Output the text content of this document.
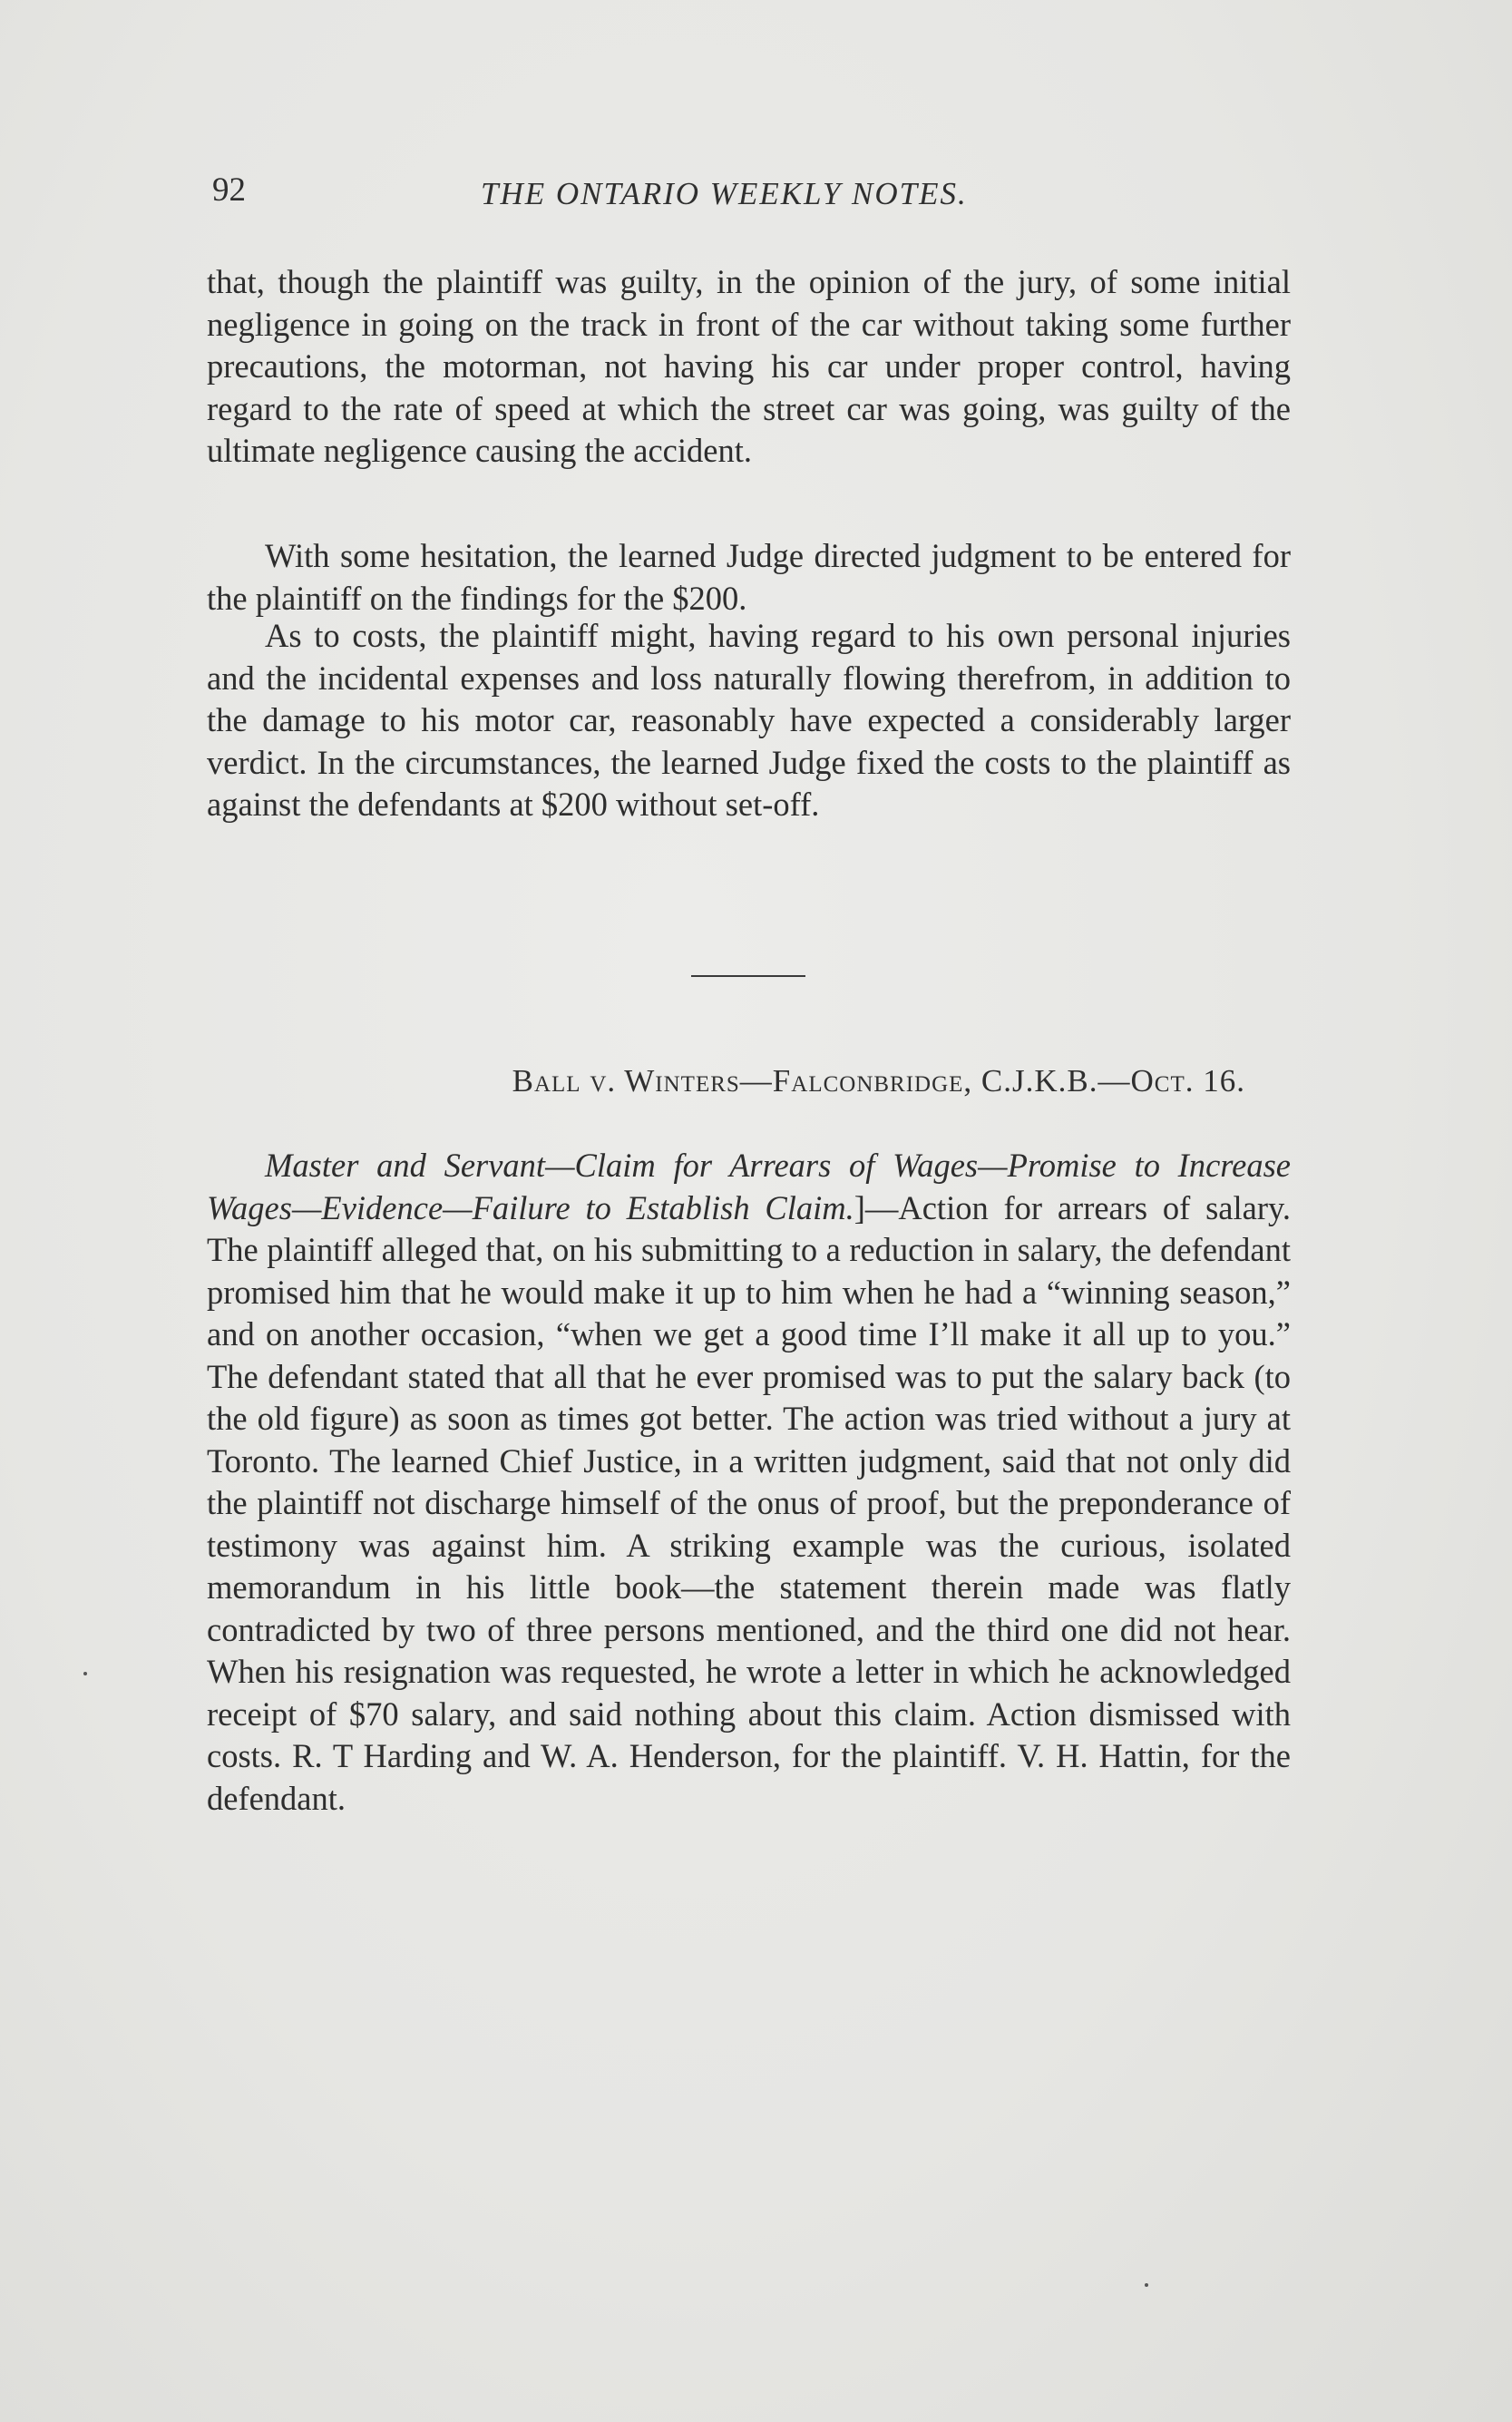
92	THE ONTARIO WEEKLY NOTES.

that, though the plaintiff was guilty, in the opinion of the jury, of some initial negligence in going on the track in front of the car without taking some further precautions, the motorman, not having his car under proper control, having regard to the rate of speed at which the street car was going, was guilty of the ultimate negligence causing the accident.

With some hesitation, the learned Judge directed judgment to be entered for the plaintiff on the findings for the $200.

As to costs, the plaintiff might, having regard to his own personal injuries and the incidental expenses and loss naturally flowing therefrom, in addition to the damage to his motor car, reasonably have expected a considerably larger verdict. In the circumstances, the learned Judge fixed the costs to the plaintiff as against the defendants at $200 without set-off.

Ball v. Winters—Falconbridge, C.J.K.B.—Oct. 16.

Master and Servant—Claim for Arrears of Wages—Promise to Increase Wages—Evidence—Failure to Establish Claim.]—Action for arrears of salary. The plaintiff alleged that, on his submitting to a reduction in salary, the defendant promised him that he would make it up to him when he had a “winning season,” and on another occasion, “when we get a good time I’ll make it all up to you.” The defendant stated that all that he ever promised was to put the salary back (to the old figure) as soon as times got better. The action was tried without a jury at Toronto. The learned Chief Justice, in a written judgment, said that not only did the plaintiff not discharge himself of the onus of proof, but the preponderance of testimony was against him. A striking example was the curious, isolated memorandum in his little book—the statement therein made was flatly contradicted by two of three persons mentioned, and the third one did not hear. When his resignation was requested, he wrote a letter in which he acknowledged receipt of $70 salary, and said nothing about this claim. Action dismissed with costs. R. T Harding and W. A. Henderson, for the plaintiff. V. H. Hattin, for the defendant.
